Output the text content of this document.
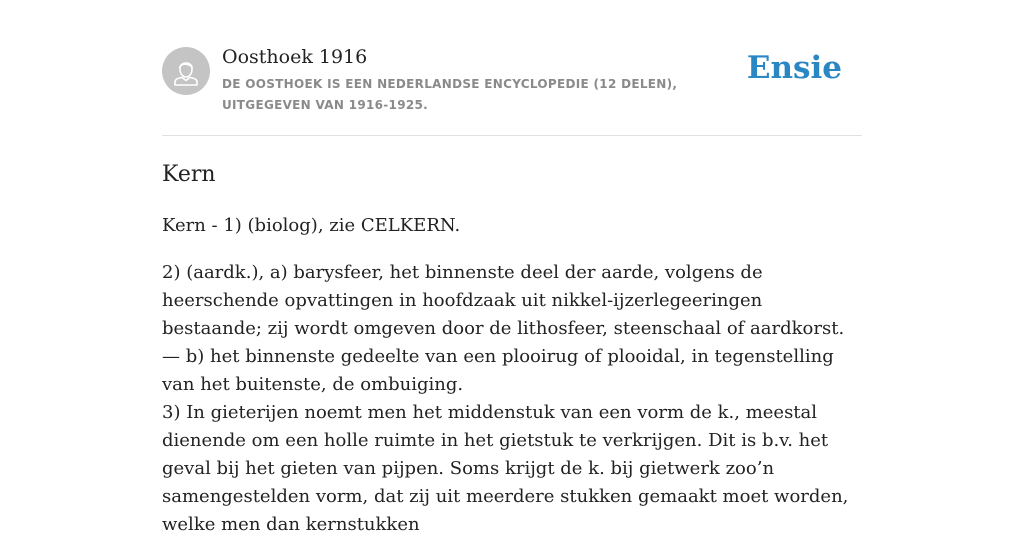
Oosthoek 1916
DE OOSTHOEK IS EEN NEDERLANDSE ENCYCLOPEDIE (12 DELEN), UITGEGEVEN VAN 1916-1925.
Ensie
Kern

Kern - 1) (biolog), zie CELKERN.

2) (aardk.), a) barysfeer, het binnenste deel der aarde, volgens de heerschende opvattingen in hoofdzaak uit nikkel-ijzerlegeeringen bestaande; zij wordt omgeven door de lithosfeer, steenschaal of aardkorst. — b) het binnenste gedeelte van een plooirug of plooidal, in tegenstelling van het buitenste, de ombuiging.

3) In gieterijen noemt men het middenstuk van een vorm de k., meestal dienende om een holle ruimte in het gietstuk te verkrijgen. Dit is b.v. het geval bij het gieten van pijpen. Soms krijgt de k. bij gietwerk zoo’n samengestelden vorm, dat zij uit meerdere stukken gemaakt moet worden, welke men dan kernstukken
